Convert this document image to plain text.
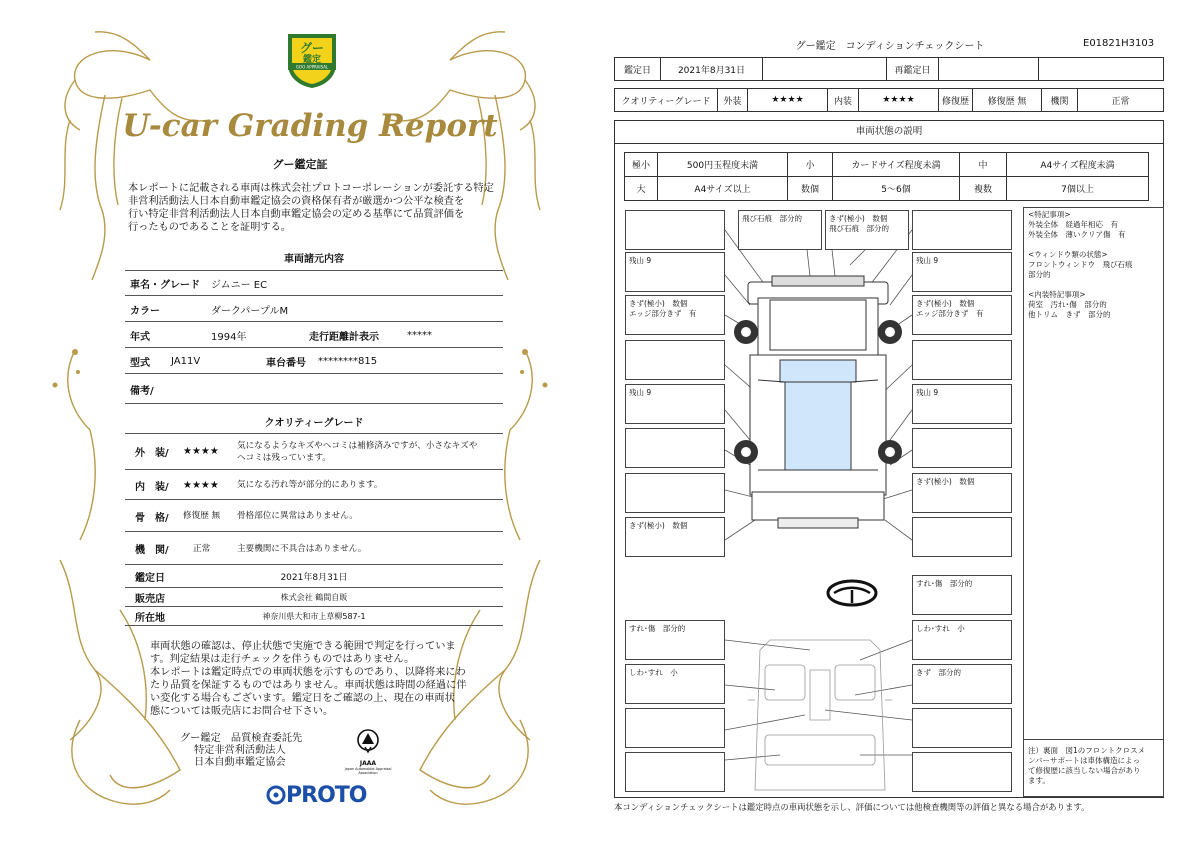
グー
鑑定
GOO APPRAISAL
U-car Grading Report
グー鑑定証
本レポートに記載される車両は株式会社プロトコーポレーションが委託する特定
非営利活動法人日本自動車鑑定協会の資格保有者が厳選かつ公平な検査を
行い特定非営利活動法人日本自動車鑑定協会の定める基準にて品質評価を
行ったものであることを証明する。
車両諸元内容
車名・グレード	ジムニー EC
カラー	ダークパープルM
年式	1994年	走行距離計表示	*****
型式	JA11V	車台番号	********815
備考/
クオリティーグレード
外　装/	★★★★
気になるようなキズやヘコミは補修済みですが、小さなキズや
ヘコミは残っています。
内　装/	★★★★	気になる汚れ等が部分的にあります。
骨　格/	修復歴 無	骨格部位に異常はありません。
機　関/	正常	主要機関に不具合はありません。
鑑定日	2021年8月31日
販売店	株式会社 鶴間自販
所在地	神奈川県大和市上草柳587-1
車両状態の確認は、停止状態で実施できる範囲で判定を行っていま
す。判定結果は走行チェックを伴うものではありません。
本レポートは鑑定時点での車両状態を示すものであり、以降将来にわ
たり品質を保証するものではありません。車両状態は時間の経過に伴
い変化する場合もございます。鑑定日をご確認の上、現在の車両状
態については販売店にお問合せ下さい。
グー鑑定　品質検査委託先
特定非営利活動法人
日本自動車鑑定協会	JAAA
Japan Automobile Appraisal Association
PROTO
グー鑑定　コンディションチェックシート	E01821H3103
鑑定日	2021年8月31日		再鑑定日		
クオリティーグレード	外装	★★★★	内装	★★★★	修復歴	修復歴 無	機関	正常
車両状態の説明
極小	500円玉程度未満	小	カードサイズ程度未満	中	A4サイズ程度未満
大	A4サイズ以上	数個	5～6個	複数	7個以上
残山 9
きず(極小)　数個
エッジ部分きず　有
残山 9
きず(極小)　数個
残山 9
きず(極小)　数個
エッジ部分きず　有
残山 9
きず(極小)　数個
飛び石痕　部分的	きず(極小)　数個
飛び石痕　部分的
すれ･傷　部分的
すれ･傷　部分的	しわ･すれ　小
しわ･すれ　小	きず　部分的
<特記事項>
外装全体　経過年相応　有
外装全体　薄いクリア傷　有
<ウィンドウ類の状態>
フロントウィンドウ　飛び石痕
部分的
<内装特記事項>
荷室　汚れ･傷　部分的
他トリム　きず　部分的
注）裏面　図1のフロントクロスメ
ンバーサポートは車体構造によっ
て修復歴に該当しない場合があり
ます。
本コンディションチェックシートは鑑定時点の車両状態を示し、評価については他検査機関等の評価と異なる場合があります。
